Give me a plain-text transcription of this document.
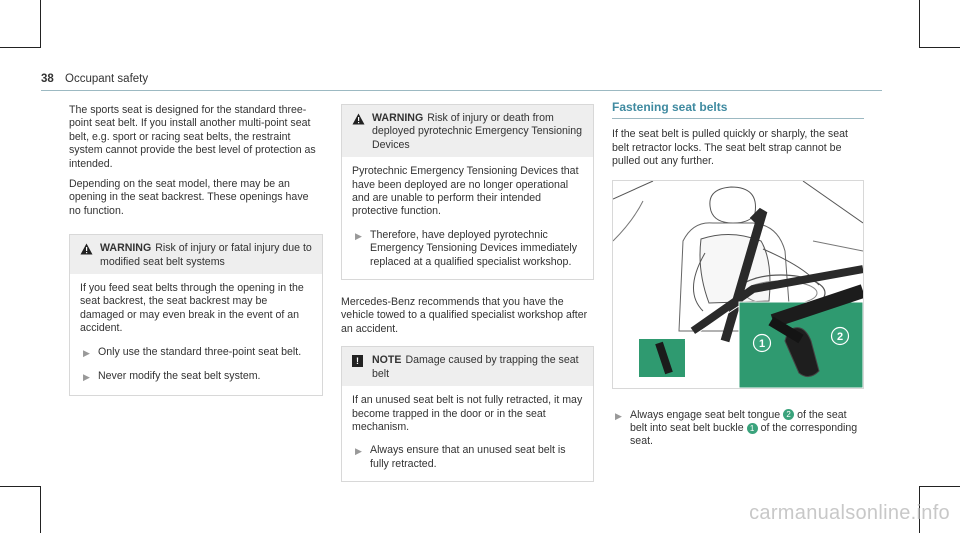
38 Occupant safety

The sports seat is designed for the standard three-point seat belt. If you install another multi-point seat belt, e.g. sport or racing seat belts, the restraint system cannot provide the best level of protection as intended.

Depending on the seat model, there may be an opening in the seat backrest. These openings have no function.

WARNING Risk of injury or fatal injury due to modified seat belt systems

If you feed seat belts through the opening in the seat backrest, the seat backrest may be damaged or may even break in the event of an accident.

▶ Only use the standard three-point seat belt.
▶ Never modify the seat belt system.
WARNING Risk of injury or death from deployed pyrotechnic Emergency Tensioning Devices

Pyrotechnic Emergency Tensioning Devices that have been deployed are no longer operational and are unable to perform their intended protective function.

▶ Therefore, have deployed pyrotechnic Emergency Tensioning Devices immediately replaced at a qualified specialist workshop.

Mercedes-Benz recommends that you have the vehicle towed to a qualified specialist workshop after an accident.

!	NOTE Damage caused by trapping the seat belt

If an unused seat belt is not fully retracted, it may become trapped in the door or in the seat mechanism.

▶ Always ensure that an unused seat belt is fully retracted.
Fastening seat belts

If the seat belt is pulled quickly or sharply, the seat belt retractor locks. The seat belt strap cannot be pulled out any further.

1
2
▶ Always engage seat belt tongue 2 of the seat belt into seat belt buckle 1 of the corresponding seat.
carmanualsonline.info
